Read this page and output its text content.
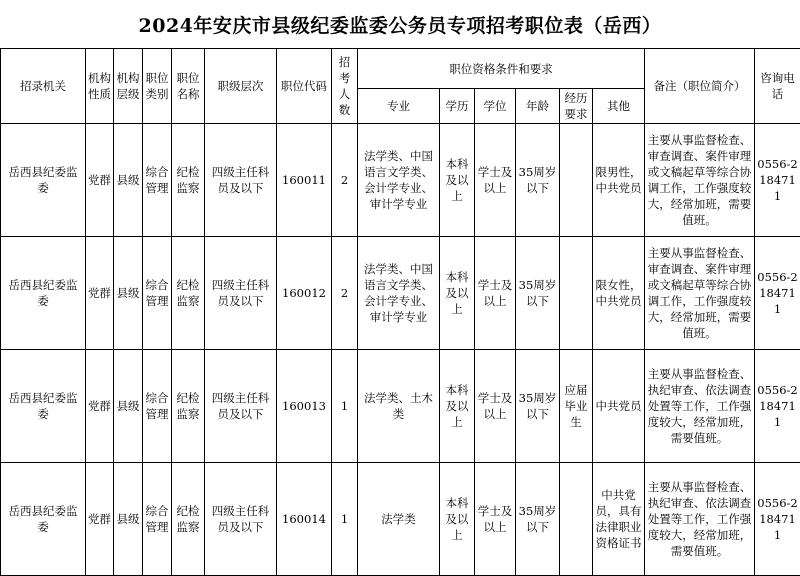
2024年安庆市县级纪委监委公务员专项招考职位表（岳西）
招录机关	机构性质	机构层级	职位类别	职位名称	职级层次	职位代码	招考人数	职位资格条件和要求						备注（职位简介）	咨询电话
								专业	学历	学位	年龄	经历要求	其他		
岳西县纪委监委	党群	县级	综合管理	纪检监察	四级主任科员及以下	160011	2	法学类、中国语言文学类、会计学专业、审计学专业	本科及以上	学士及以上	35周岁以下		限男性，中共党员	主要从事监督检查、审查调查、案件审理或文稿起草等综合协调工作，工作强度较大，经常加班，需要值班。	0556-2184711
岳西县纪委监委	党群	县级	综合管理	纪检监察	四级主任科员及以下	160012	2	法学类、中国语言文学类、会计学专业、审计学专业	本科及以上	学士及以上	35周岁以下		限女性，中共党员	主要从事监督检查、审查调查、案件审理或文稿起草等综合协调工作，工作强度较大，经常加班，需要值班。	0556-2184711
岳西县纪委监委	党群	县级	综合管理	纪检监察	四级主任科员及以下	160013	1	法学类、土木类	本科及以上	学士及以上	35周岁以下	应届毕业生	中共党员	主要从事监督检查、执纪审查、依法调查处置等工作，工作强度较大，经常加班，需要值班。	0556-2184711
岳西县纪委监委	党群	县级	综合管理	纪检监察	四级主任科员及以下	160014	1	法学类	本科及以上	学士及以上	35周岁以下		中共党员，具有法律职业资格证书	主要从事监督检查、执纪审查、依法调查处置等工作，工作强度较大，经常加班，需要值班。	0556-2184711
